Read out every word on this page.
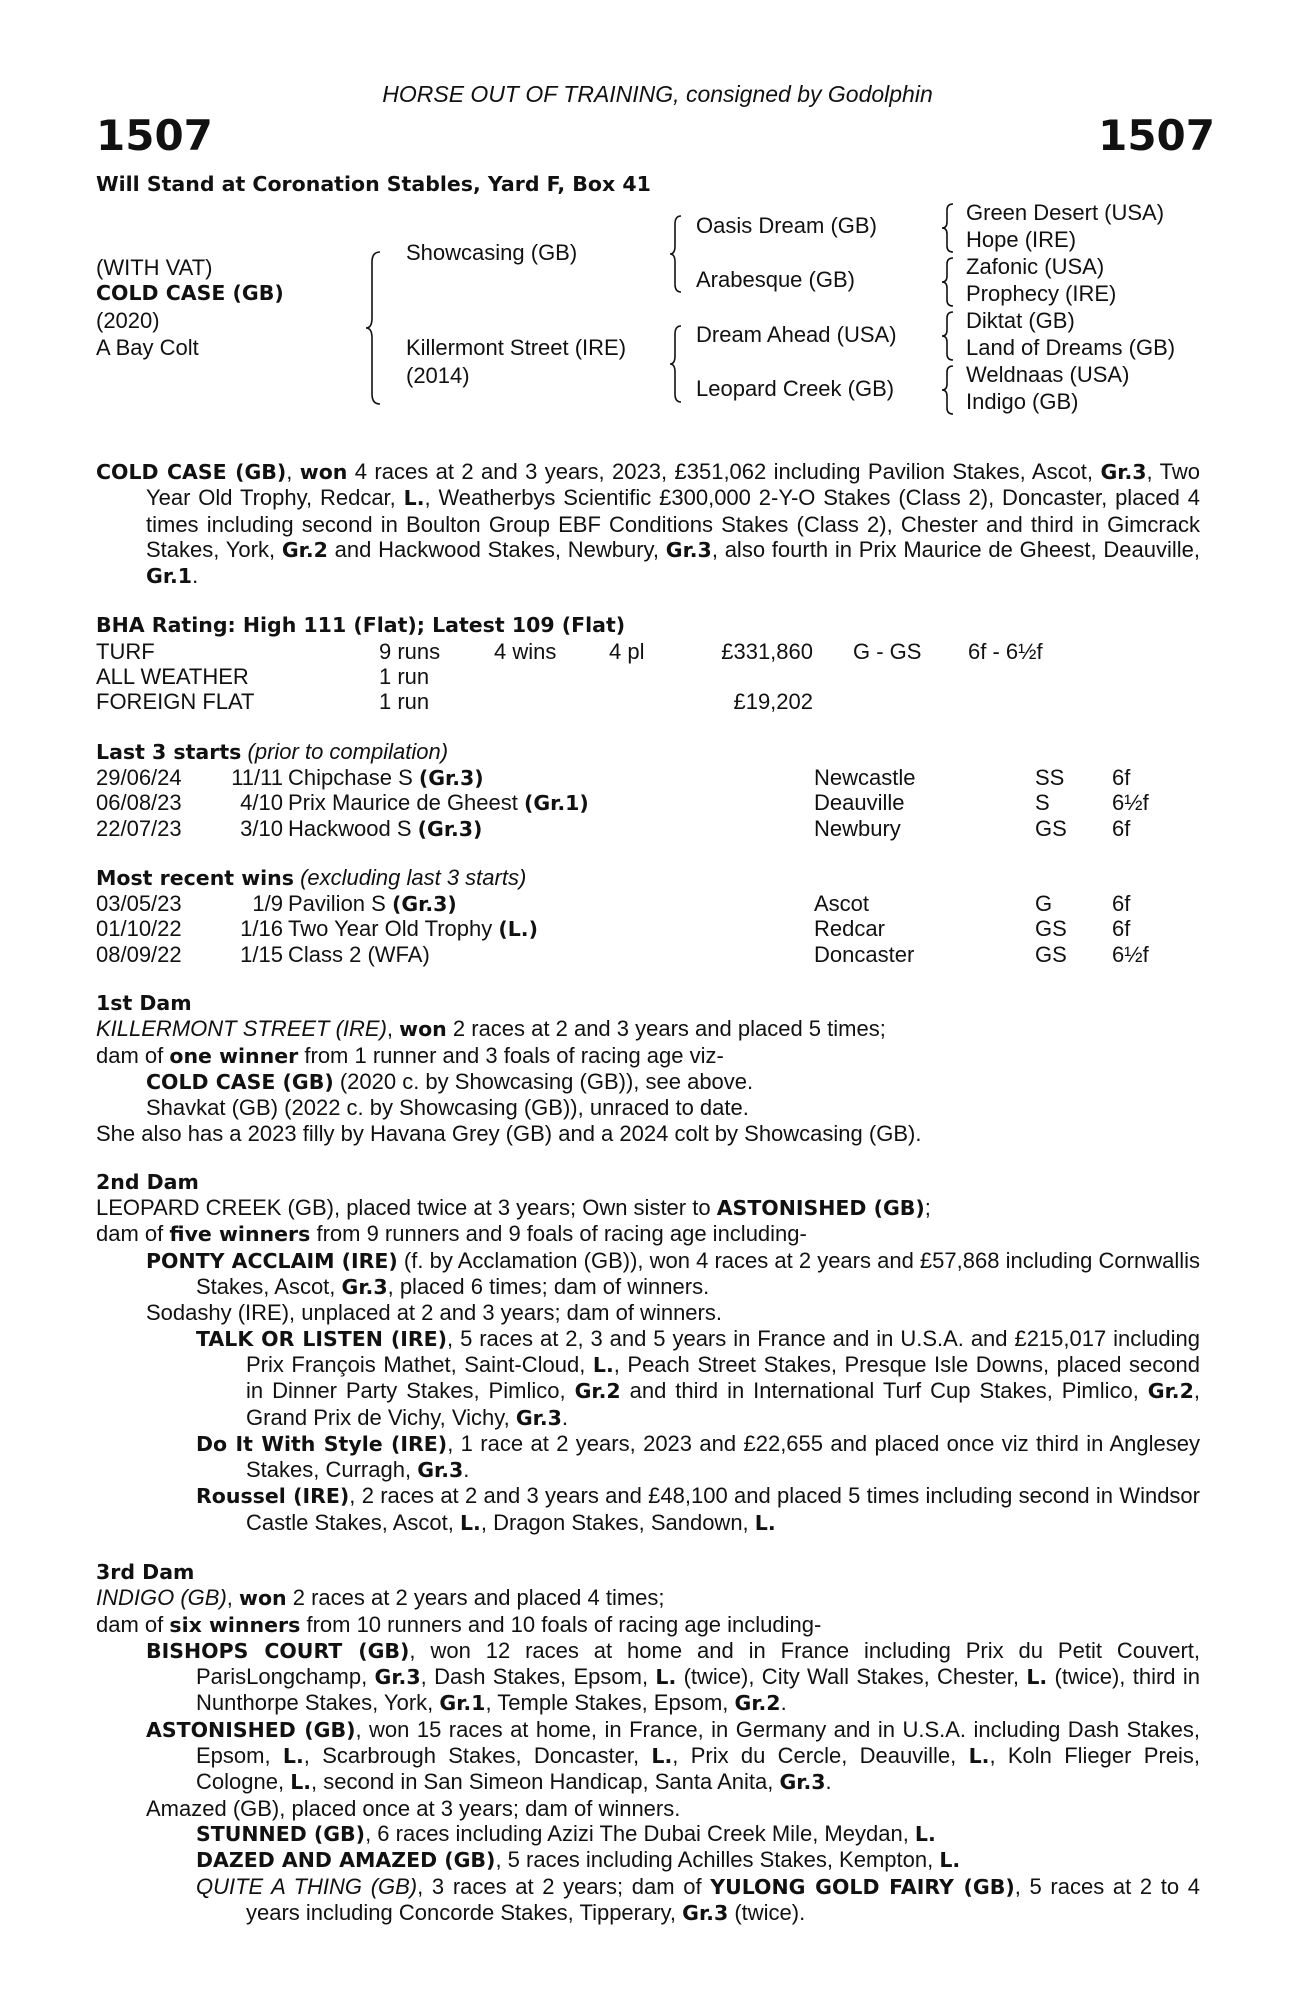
HORSE OUT OF TRAINING, consigned by Godolphin
1507	1507
Will Stand at Coronation Stables, Yard F, Box 41
(WITH VAT)
COLD CASE (GB)
(2020)
A Bay Colt
Showcasing (GB)
Killermont Street (IRE)
(2014)
Oasis Dream (GB)
Arabesque (GB)
Dream Ahead (USA)
Leopard Creek (GB)
Green Desert (USA)
Hope (IRE)
Zafonic (USA)
Prophecy (IRE)
Diktat (GB)
Land of Dreams (GB)
Weldnaas (USA)
Indigo (GB)
COLD CASE (GB), won 4 races at 2 and 3 years, 2023, £351,062 including Pavilion Stakes, Ascot, Gr.3, Two Year Old Trophy, Redcar, L., Weatherbys Scientific £300,000 2-Y-O Stakes (Class 2), Doncaster, placed 4 times including second in Boulton Group EBF Conditions Stakes (Class 2), Chester and third in Gimcrack Stakes, York, Gr.2 and Hackwood Stakes, Newbury, Gr.3, also fourth in Prix Maurice de Gheest, Deauville, Gr.1.
BHA Rating: High 111 (Flat); Latest 109 (Flat)
TURF	9 runs 4 wins 4 pl	£331,860 G - GS 6f - 6½f
ALL WEATHER	1 run
FOREIGN FLAT	1 run	£19,202
Last 3 starts (prior to compilation)
29/06/24	11/11 Chipchase S (Gr.3)	Newcastle	SS 6f
06/08/23	4/10 Prix Maurice de Gheest (Gr.1)	Deauville	S	6½f
22/07/23	3/10 Hackwood S (Gr.3)	Newbury	GS 6f
Most recent wins (excluding last 3 starts)
03/05/23	1/9 Pavilion S (Gr.3)	Ascot	G	6f
01/10/22	1/16 Two Year Old Trophy (L.)	Redcar	GS 6f
08/09/22	1/15 Class 2 (WFA)	Doncaster	GS 6½f
1st Dam
KILLERMONT STREET (IRE), won 2 races at 2 and 3 years and placed 5 times;
dam of one winner from 1 runner and 3 foals of racing age viz-
COLD CASE (GB) (2020 c. by Showcasing (GB)), see above.
Shavkat (GB) (2022 c. by Showcasing (GB)), unraced to date.
She also has a 2023 filly by Havana Grey (GB) and a 2024 colt by Showcasing (GB).
2nd Dam
LEOPARD CREEK (GB), placed twice at 3 years; Own sister to ASTONISHED (GB);
dam of five winners from 9 runners and 9 foals of racing age including-
PONTY ACCLAIM (IRE) (f. by Acclamation (GB)), won 4 races at 2 years and £57,868 including Cornwallis Stakes, Ascot, Gr.3, placed 6 times; dam of winners.
Sodashy (IRE), unplaced at 2 and 3 years; dam of winners.
TALK OR LISTEN (IRE), 5 races at 2, 3 and 5 years in France and in U.S.A. and £215,017 including Prix François Mathet, Saint-Cloud, L., Peach Street Stakes, Presque Isle Downs, placed second in Dinner Party Stakes, Pimlico, Gr.2 and third in International Turf Cup Stakes, Pimlico, Gr.2, Grand Prix de Vichy, Vichy, Gr.3.
Do It With Style (IRE), 1 race at 2 years, 2023 and £22,655 and placed once viz third in Anglesey Stakes, Curragh, Gr.3.
Roussel (IRE), 2 races at 2 and 3 years and £48,100 and placed 5 times including second in Windsor Castle Stakes, Ascot, L., Dragon Stakes, Sandown, L.
3rd Dam
INDIGO (GB), won 2 races at 2 years and placed 4 times;
dam of six winners from 10 runners and 10 foals of racing age including-
BISHOPS COURT (GB), won 12 races at home and in France including Prix du Petit Couvert, ParisLongchamp, Gr.3, Dash Stakes, Epsom, L. (twice), City Wall Stakes, Chester, L. (twice), third in Nunthorpe Stakes, York, Gr.1, Temple Stakes, Epsom, Gr.2.
ASTONISHED (GB), won 15 races at home, in France, in Germany and in U.S.A. including Dash Stakes, Epsom, L., Scarbrough Stakes, Doncaster, L., Prix du Cercle, Deauville, L., Koln Flieger Preis, Cologne, L., second in San Simeon Handicap, Santa Anita, Gr.3.
Amazed (GB), placed once at 3 years; dam of winners.
STUNNED (GB), 6 races including Azizi The Dubai Creek Mile, Meydan, L.
DAZED AND AMAZED (GB), 5 races including Achilles Stakes, Kempton, L.
QUITE A THING (GB), 3 races at 2 years; dam of YULONG GOLD FAIRY (GB), 5 races at 2 to 4 years including Concorde Stakes, Tipperary, Gr.3 (twice).
